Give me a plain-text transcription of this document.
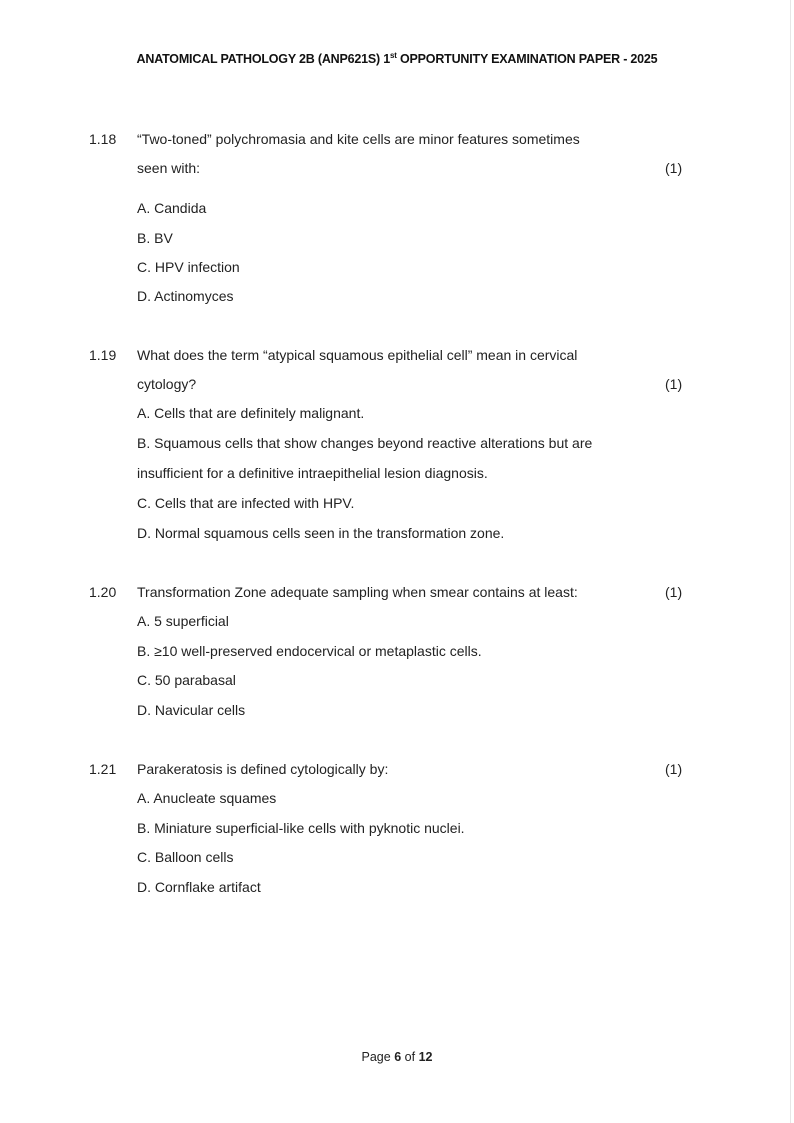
ANATOMICAL PATHOLOGY 2B (ANP621S) 1st OPPORTUNITY EXAMINATION PAPER - 2025
1.18 “Two-toned” polychromasia and kite cells are minor features sometimes
seen with:	(1)
A. Candida
B. BV
C. HPV infection
D. Actinomyces
1.19 What does the term “atypical squamous epithelial cell” mean in cervical
cytology?	(1)
A. Cells that are definitely malignant.
B. Squamous cells that show changes beyond reactive alterations but are
insufficient for a definitive intraepithelial lesion diagnosis.
C. Cells that are infected with HPV.
D. Normal squamous cells seen in the transformation zone.
1.20 Transformation Zone adequate sampling when smear contains at least:	(1)
A. 5 superficial
B. ≥10 well-preserved endocervical or metaplastic cells.
C. 50 parabasal
D. Navicular cells
1.21 Parakeratosis is defined cytologically by:	(1)
A. Anucleate squames
B. Miniature superficial-like cells with pyknotic nuclei.
C. Balloon cells
D. Cornflake artifact
Page 6 of 12
